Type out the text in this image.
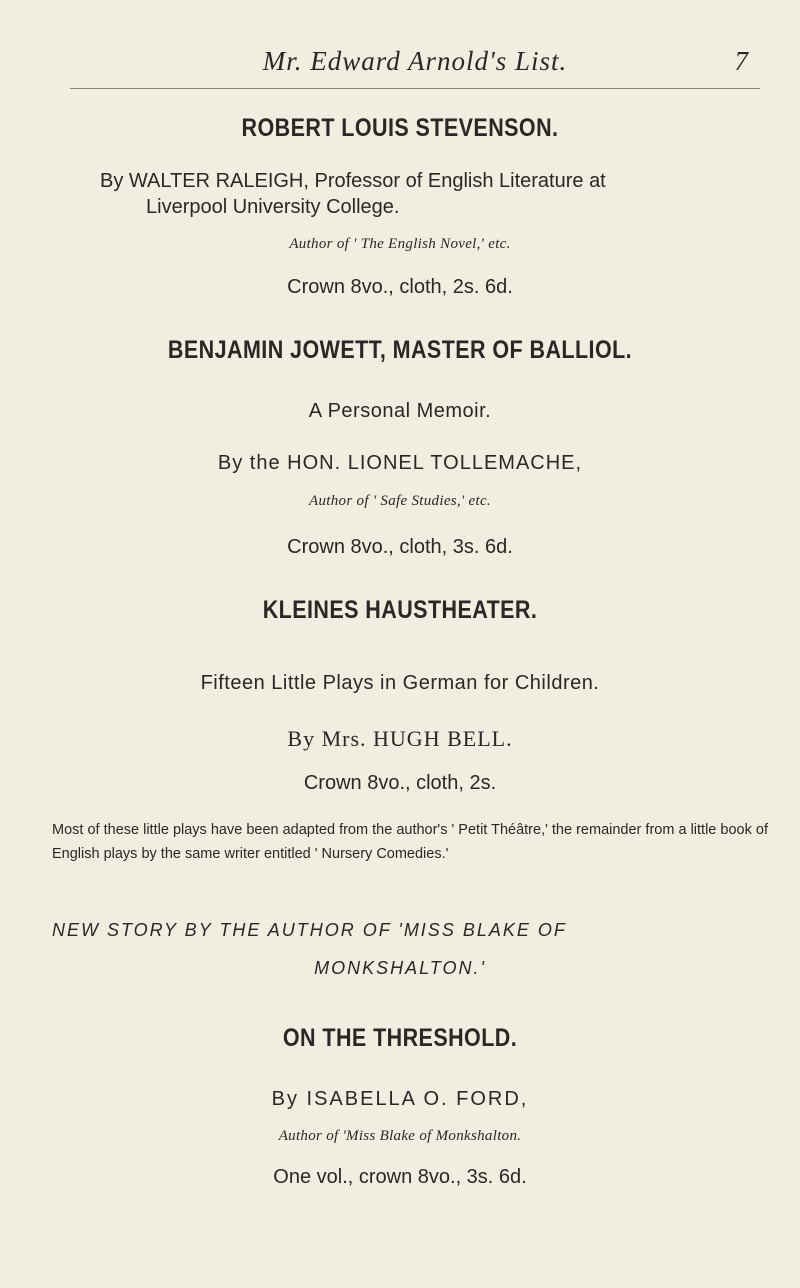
Mr. Edward Arnold's List.	7
ROBERT LOUIS STEVENSON.
By WALTER RALEIGH, Professor of English Literature at
Liverpool University College.
Author of ' The English Novel,' etc.
Crown 8vo., cloth, 2s. 6d.
BENJAMIN JOWETT, MASTER OF BALLIOL.
A Personal Memoir.
By the HON. LIONEL TOLLEMACHE,
Author of ' Safe Studies,' etc.
Crown 8vo., cloth, 3s. 6d.
KLEINES HAUSTHEATER.
Fifteen Little Plays in German for Children.
By Mrs. HUGH BELL.
Crown 8vo., cloth, 2s.
Most of these little plays have been adapted from the author's ' Petit Théâtre,' the remainder from a little book of English plays by the same writer entitled ' Nursery Comedies.'
NEW STORY BY THE AUTHOR OF 'MISS BLAKE OF
MONKSHALTON.'
ON THE THRESHOLD.
By ISABELLA O. FORD,
Author of 'Miss Blake of Monkshalton.
One vol., crown 8vo., 3s. 6d.
